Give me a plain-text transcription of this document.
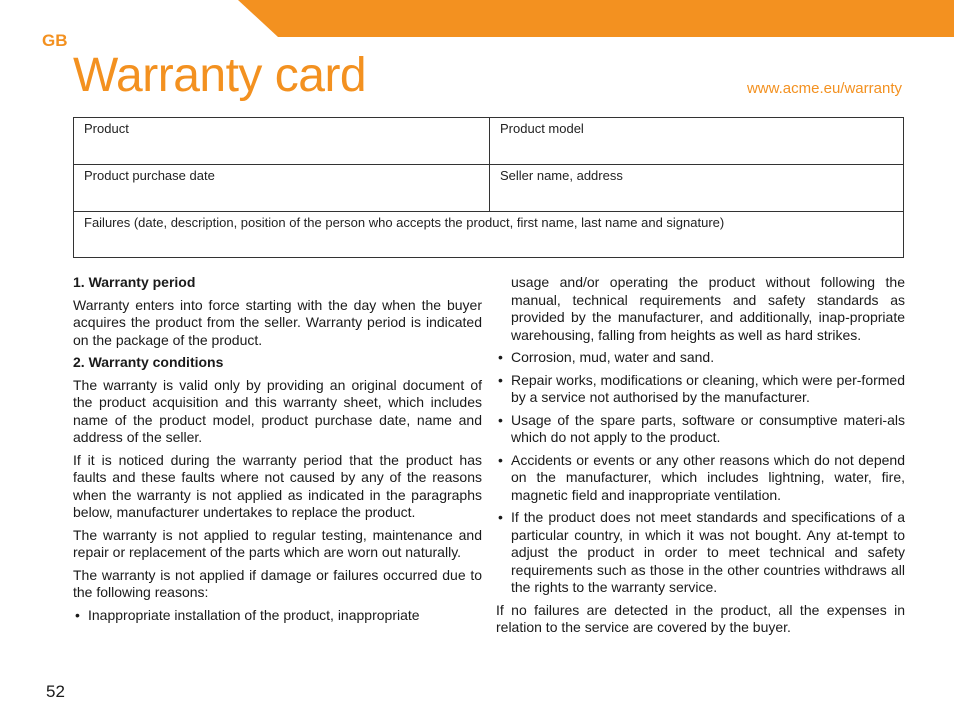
GB
Warranty card	www.acme.eu/warranty
Product	Product model
Product purchase date	Seller name, address
Failures (date, description, position of the person who accepts the product, first name, last name and signature)
1. Warranty period

Warranty enters into force starting with the day when the buyer acquires the product from the seller. Warranty period is indicated on the package of the product.

2. Warranty conditions

The warranty is valid only by providing an original document of the product acquisition and this warranty sheet, which includes name of the product model, product purchase date, name and address of the seller.

If it is noticed during the warranty period that the product has faults and these faults where not caused by any of the reasons when the warranty is not applied as indicated in the paragraphs below, manufacturer undertakes to replace the product.

The warranty is not applied to regular testing, maintenance and repair or replacement of the parts which are worn out naturally.

The warranty is not applied if damage or failures occurred due to the following reasons:

• Inappropriate installation of the product, inappropriate

usage and/or operating the product without following the manual, technical requirements and safety standards as provided by the manufacturer, and additionally, inap-propriate warehousing, falling from heights as well as hard strikes.

• Corrosion, mud, water and sand.
• Repair works, modifications or cleaning, which were per-formed by a service not authorised by the manufacturer.
• Usage of the spare parts, software or consumptive materi-als which do not apply to the product.
• Accidents or events or any other reasons which do not depend on the manufacturer, which includes lightning, water, fire, magnetic field and inappropriate ventilation.
• If the product does not meet standards and specifications of a particular country, in which it was not bought. Any at-tempt to adjust the product in order to meet technical and safety requirements such as those in the other countries withdraws all the rights to the warranty service.

If no failures are detected in the product, all the expenses in relation to the service are covered by the buyer.

52
